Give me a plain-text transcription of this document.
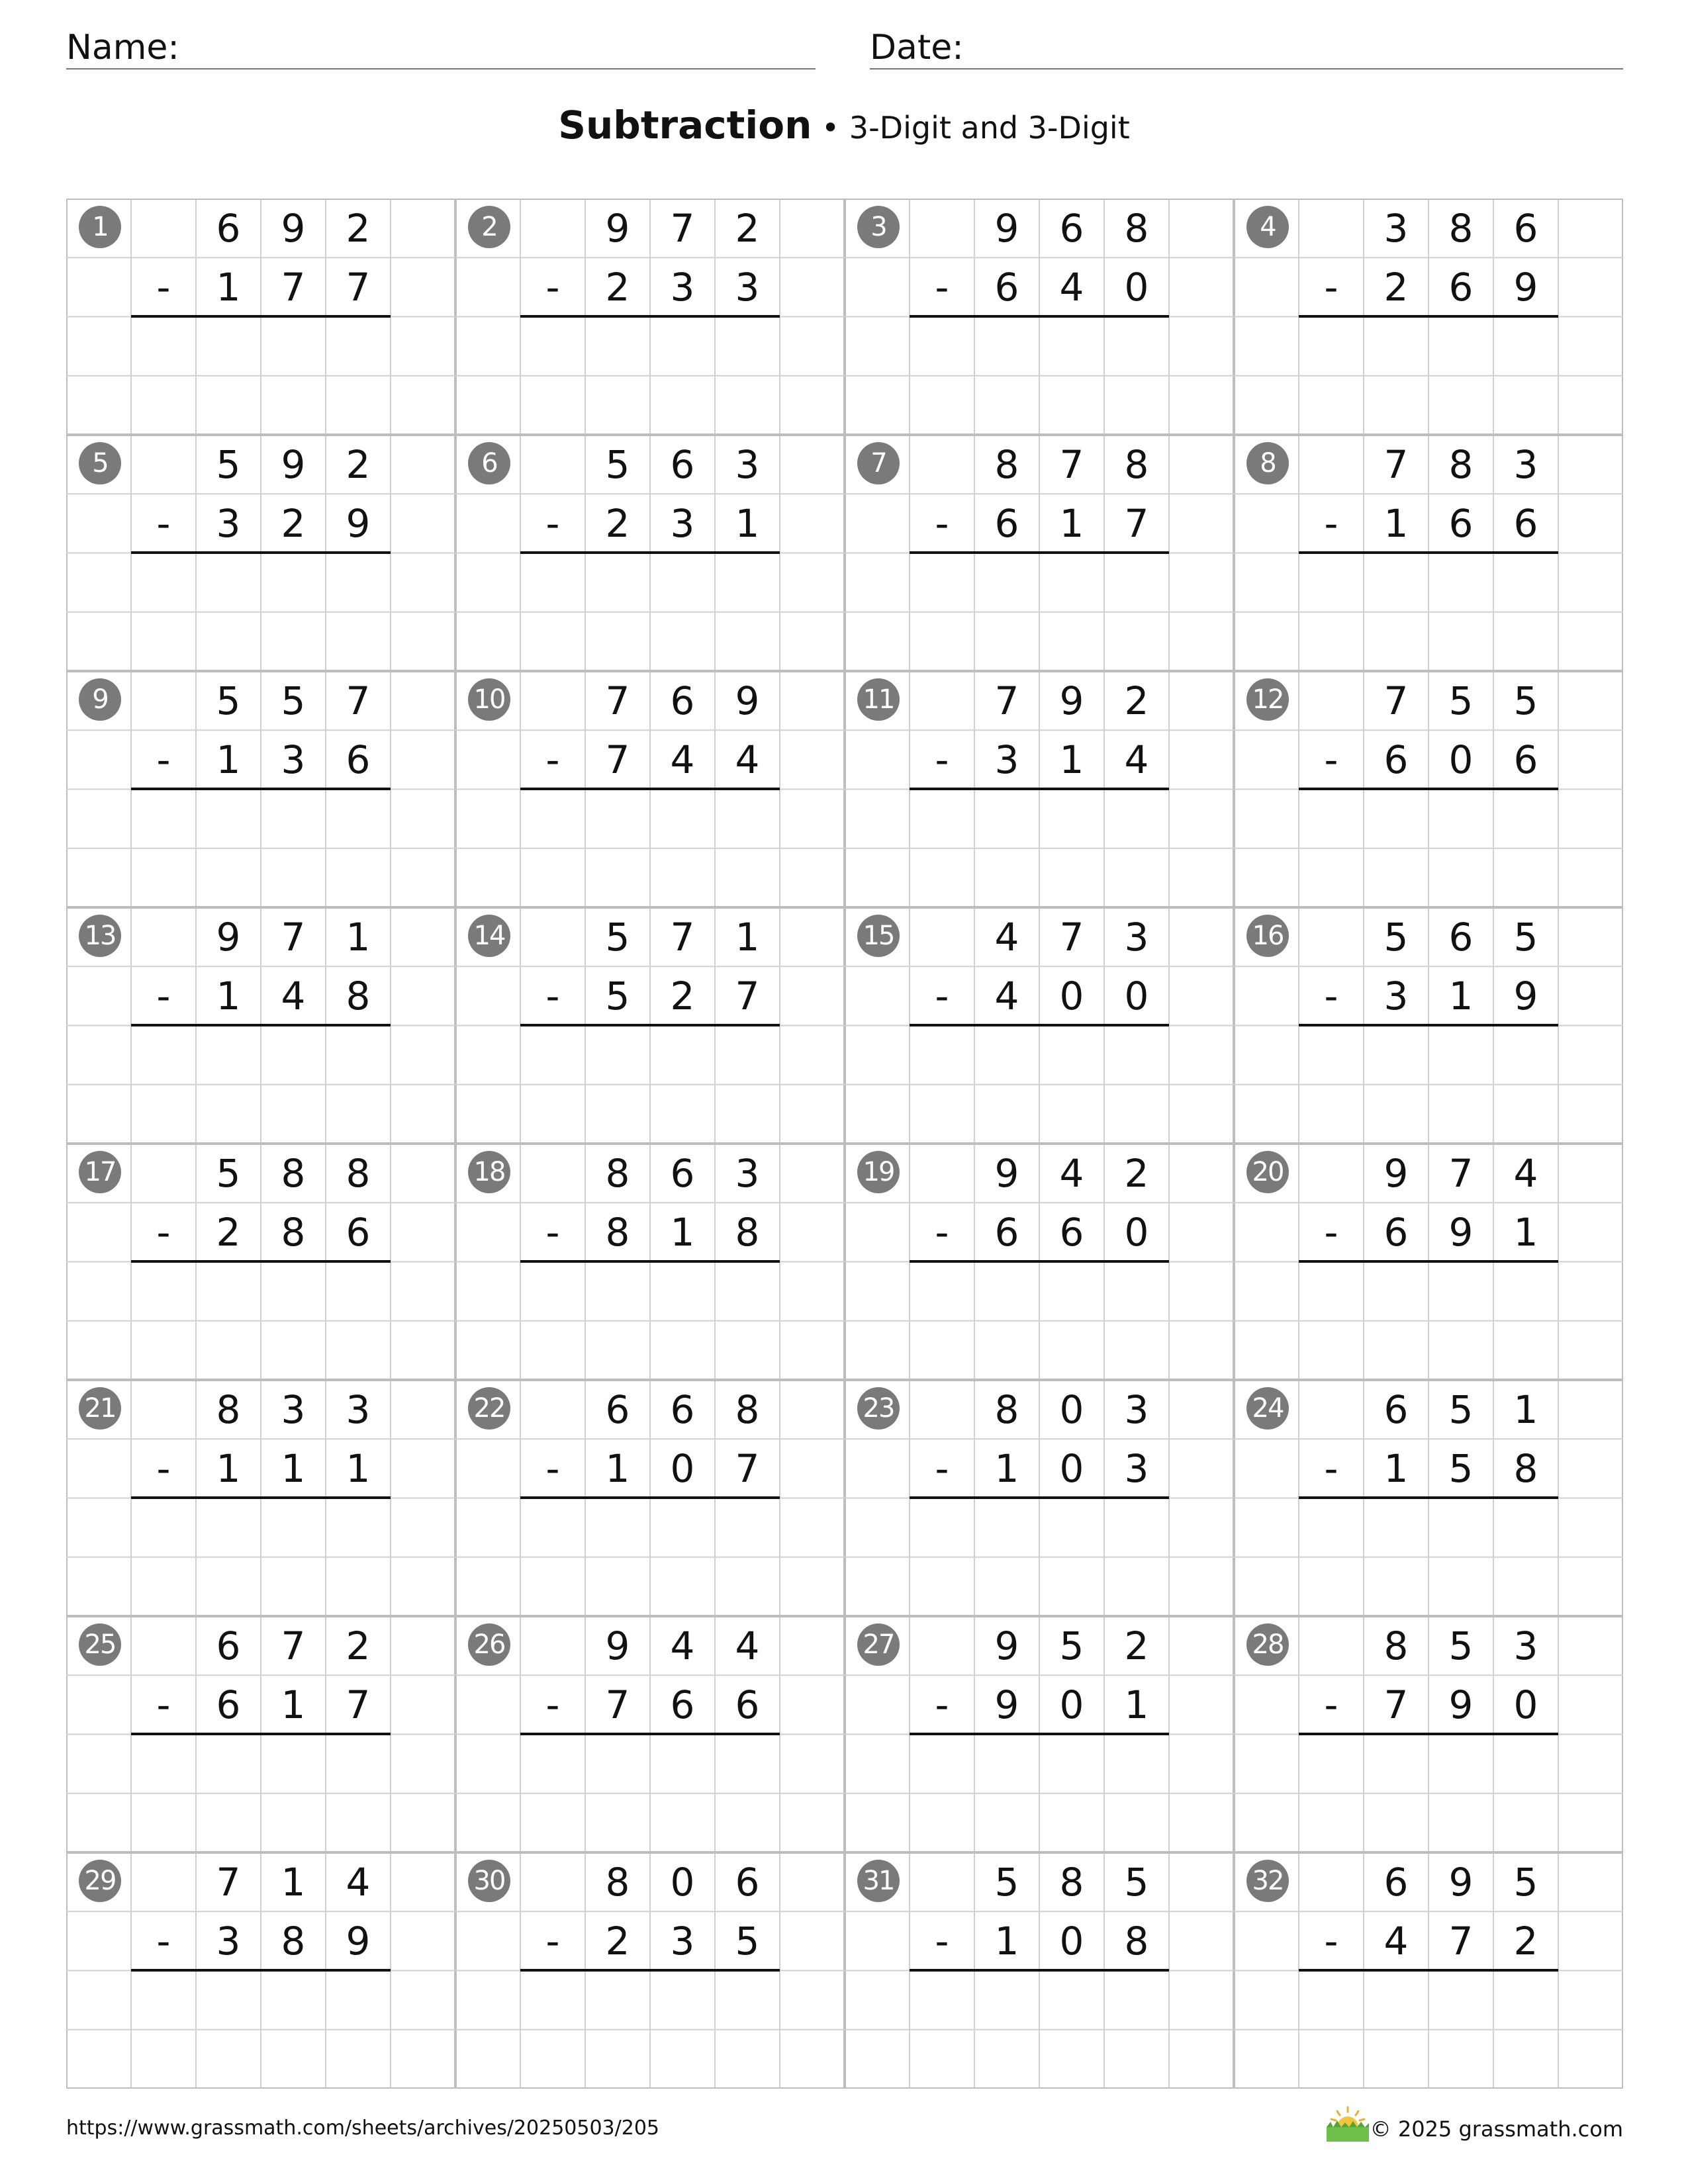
Name:	Date:
Subtraction • 3-Digit and 3-Digit
1	6	9	2
-	1	7	7
2	9	7	2
-	2	3	3
3	9	6	8
-	6	4	0
4	3	8	6
-	2	6	9
5	5	9	2
-	3	2	9
6	5	6	3
-	2	3	1
7	8	7	8
-	6	1	7
8	7	8	3
-	1	6	6
9	5	5	7
-	1	3	6
10	7	6	9
-	7	4	4
11	7	9	2
-	3	1	4
12	7	5	5
-	6	0	6
13	9	7	1
-	1	4	8
14	5	7	1
-	5	2	7
15	4	7	3
-	4	0	0
16	5	6	5
-	3	1	9
17	5	8	8
-	2	8	6
18	8	6	3
-	8	1	8
19	9	4	2
-	6	6	0
20	9	7	4
-	6	9	1
21	8	3	3
-	1	1	1
22	6	6	8
-	1	0	7
23	8	0	3
-	1	0	3
24	6	5	1
-	1	5	8
25	6	7	2
-	6	1	7
26	9	4	4
-	7	6	6
27	9	5	2
-	9	0	1
28	8	5	3
-	7	9	0
29	7	1	4
-	3	8	9
30	8	0	6
-	2	3	5
31	5	8	5
-	1	0	8
32	6	9	5
-	4	7	2
https://www.grassmath.com/sheets/archives/20250503/205	© 2025 grassmath.com
